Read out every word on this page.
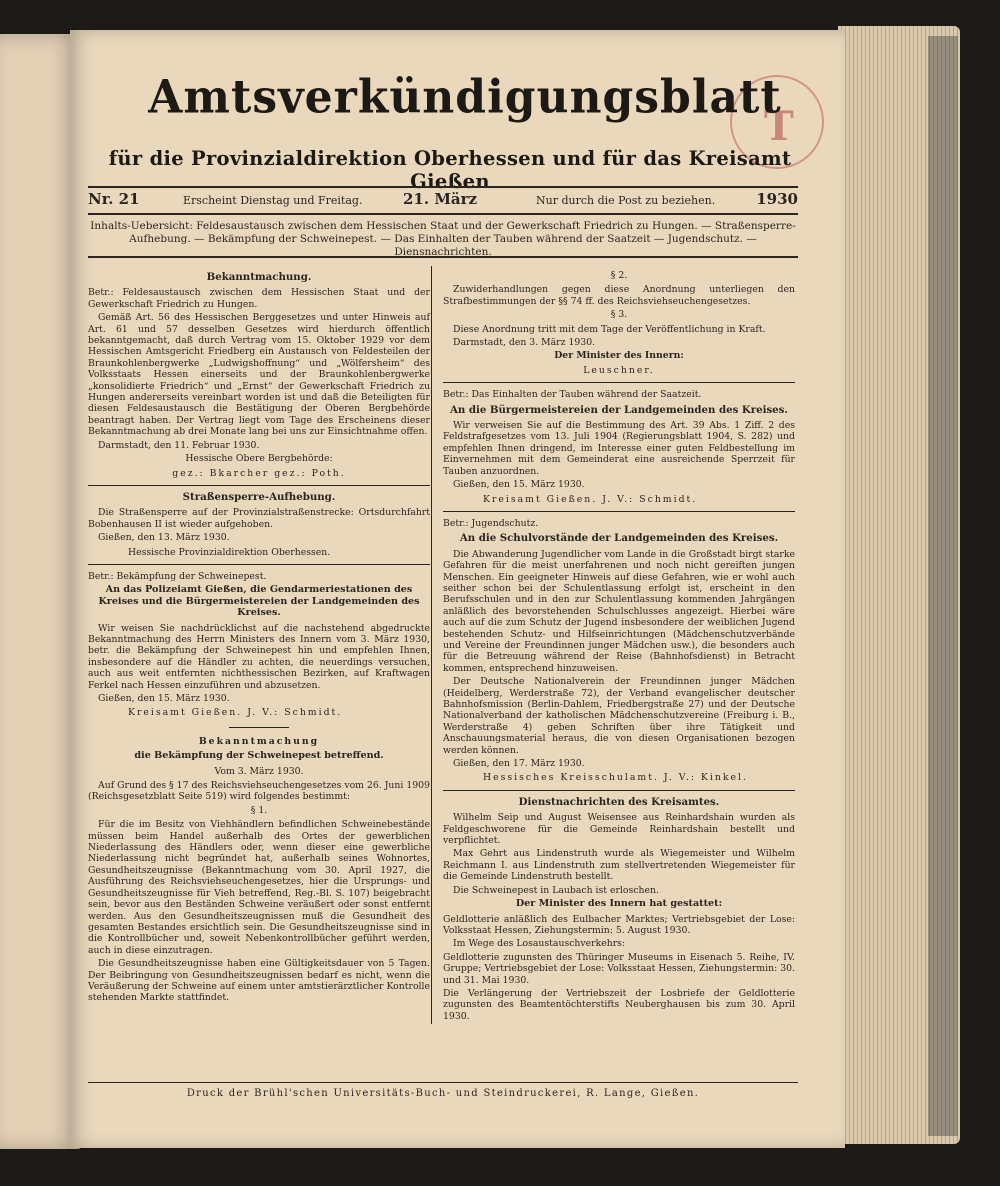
T
Amtsverkündigungsblatt
für die Provinzialdirektion Oberhessen und für das Kreisamt Gießen
Nr. 21	Erscheint Dienstag und Freitag.	21. März	Nur durch die Post zu beziehen.	1930
Inhalts-Uebersicht: Feldesaustausch zwischen dem Hessischen Staat und der Gewerkschaft Friedrich zu Hungen. — Straßensperre-Aufhebung. — Bekämpfung der Schweinepest. — Das Einhalten der Tauben während der Saatzeit — Jugendschutz. — Diensnachrichten.
Bekanntmachung.

Betr.: Feldesaustausch zwischen dem Hessischen Staat und der Gewerkschaft Friedrich zu Hungen.

Gemäß Art. 56 des Hessischen Berggesetzes und unter Hinweis auf Art. 61 und 57 desselben Gesetzes wird hierdurch öffentlich bekanntgemacht, daß durch Vertrag vom 15. Oktober 1929 vor dem Hessischen Amtsgericht Friedberg ein Austausch von Feldesteilen der Braunkohlenbergwerke „Ludwigshoffnung“ und „Wölfersheim“ des Volksstaats Hessen einerseits und der Braunkohlenbergwerke „konsolidierte Friedrich“ und „Ernst“ der Gewerkschaft Friedrich zu Hungen andererseits vereinbart worden ist und daß die Beteiligten für diesen Feldesaustausch die Bestätigung der Oberen Bergbehörde beantragt haben. Der Vertrag liegt vom Tage des Erscheinens dieser Bekanntmachung ab drei Monate lang bei uns zur Einsichtnahme offen.

Darmstadt, den 11. Februar 1930.

Hessische Obere Bergbehörde:
gez.: Bkarcher gez.: Poth.
Straßensperre-Aufhebung.

Die Straßensperre auf der Provinzialstraßenstrecke: Ortsdurchfahrt Bobenhausen II ist wieder aufgehoben.

Gießen, den 13. März 1930.

Hessische Provinzialdirektion Oberhessen.

Betr.: Bekämpfung der Schweinepest.

An das Polizeiamt Gießen, die Gendarmeriestationen des Kreises und die Bürgermeistereien der Landgemeinden des Kreises.

Wir weisen Sie nachdrücklichst auf die nachstehend abgedruckte Bekanntmachung des Herrn Ministers des Innern vom 3. März 1930, betr. die Bekämpfung der Schweinepest hin und empfehlen Ihnen, insbesondere auf die Händler zu achten, die neuerdings versuchen, auch aus weit entfernten nichthessischen Bezirken, auf Kraftwagen Ferkel nach Hessen einzuführen und abzusetzen.

Gießen, den 15. März 1930.

Kreisamt Gießen. J. V.: Schmidt.
Bekanntmachung
die Bekämpfung der Schweinepest betreffend.
Vom 3. März 1930.

Auf Grund des § 17 des Reichsviehseuchengesetzes vom 26. Juni 1909 (Reichsgesetzblatt Seite 519) wird folgendes bestimmt:

§ 1.

Für die im Besitz von Viehhändlern befindlichen Schweinebestände müssen beim Handel außerhalb des Ortes der gewerblichen Niederlassung des Händlers oder, wenn dieser eine gewerbliche Niederlassung nicht begründet hat, außerhalb seines Wohnortes, Gesundheitszeugnisse (Bekanntmachung vom 30. April 1927, die Ausführung des Reichsviehseuchengesetzes, hier die Ursprungs- und Gesundheitszeugnisse für Vieh betreffend, Reg.-Bl. S. 107) beigebracht sein, bevor aus den Beständen Schweine veräußert oder sonst entfernt werden. Aus den Gesundheitszeugnissen muß die Gesundheit des gesamten Bestandes ersichtlich sein. Die Gesundheitszeugnisse sind in die Kontrollbücher und, soweit Nebenkontrollbücher geführt werden, auch in diese einzutragen.

Die Gesundheitszeugnisse haben eine Gültigkeitsdauer von 5 Tagen. Der Beibringung von Gesundheitszeugnissen bedarf es nicht, wenn die Veräußerung der Schweine auf einem unter amtstierärztlicher Kontrolle stehenden Markte stattfindet.

§ 2.

Zuwiderhandlungen gegen diese Anordnung unterliegen den Strafbestimmungen der §§ 74 ff. des Reichsviehseuchengesetzes.

§ 3.

Diese Anordnung tritt mit dem Tage der Veröffentlichung in Kraft.

Darmstadt, den 3. März 1930.

Der Minister des Innern:
Leuschner.

Betr.: Das Einhalten der Tauben während der Saatzeit.

An die Bürgermeistereien der Landgemeinden des Kreises.

Wir verweisen Sie auf die Bestimmung des Art. 39 Abs. 1 Ziff. 2 des Feldstrafgesetzes vom 13. Juli 1904 (Regierungsblatt 1904, S. 282) und empfehlen Ihnen dringend, im Interesse einer guten Feldbestellung im Einvernehmen mit dem Gemeinderat eine ausreichende Sperrzeit für Tauben anzuordnen.

Gießen, den 15. März 1930.

Kreisamt Gießen. J. V.: Schmidt.

Betr.: Jugendschutz.

An die Schulvorstände der Landgemeinden des Kreises.

Die Abwanderung Jugendlicher vom Lande in die Großstadt birgt starke Gefahren für die meist unerfahrenen und noch nicht gereiften jungen Menschen. Ein geeigneter Hinweis auf diese Gefahren, wie er wohl auch seither schon bei der Schulentlassung erfolgt ist, erscheint in den Berufsschulen und in den zur Schulentlassung kommenden Jahrgängen anläßlich des bevorstehenden Schulschlusses angezeigt. Hierbei wäre auch auf die zum Schutz der Jugend insbesondere der weiblichen Jugend bestehenden Schutz- und Hilfseinrichtungen (Mädchenschutzverbände und Vereine der Freundinnen junger Mädchen usw.), die besonders auch für die Betreuung während der Reise (Bahnhofsdienst) in Betracht kommen, entsprechend hinzuweisen.

Der Deutsche Nationalverein der Freundinnen junger Mädchen (Heidelberg, Werderstraße 72), der Verband evangelischer deutscher Bahnhofsmission (Berlin-Dahlem, Friedbergstraße 27) und der Deutsche Nationalverband der katholischen Mädchenschutzvereine (Freiburg i. B., Werderstraße 4) geben Schriften über ihre Tätigkeit und Anschauungsmaterial heraus, die von diesen Organisationen bezogen werden können.

Gießen, den 17. März 1930.

Hessisches Kreisschulamt. J. V.: Kinkel.
Dienstnachrichten des Kreisamtes.

Wilhelm Seip und August Weisensee aus Reinhardshain wurden als Feldgeschworene für die Gemeinde Reinhardshain bestellt und verpflichtet.

Max Gehrt aus Lindenstruth wurde als Wiegemeister und Wilhelm Reichmann I. aus Lindenstruth zum stellvertretenden Wiegemeister für die Gemeinde Lindenstruth bestellt.

Die Schweinepest in Laubach ist erloschen.

Der Minister des Innern hat gestattet:

Geldlotterie anläßlich des Eulbacher Marktes; Vertriebsgebiet der Lose: Volksstaat Hessen, Ziehungstermin: 5. August 1930.

Im Wege des Losaustauschverkehrs:

Geldlotterie zugunsten des Thüringer Museums in Eisenach 5. Reihe, IV. Gruppe; Vertriebsgebiet der Lose: Volksstaat Hessen, Ziehungstermin: 30. und 31. Mai 1930.

Die Verlängerung der Vertriebszeit der Losbriefe der Geldlotterie zugunsten des Beamtentöchterstifts Neuberghausen bis zum 30. April 1930.

Druck der Brühl'schen Universitäts-Buch- und Steindruckerei, R. Lange, Gießen.
